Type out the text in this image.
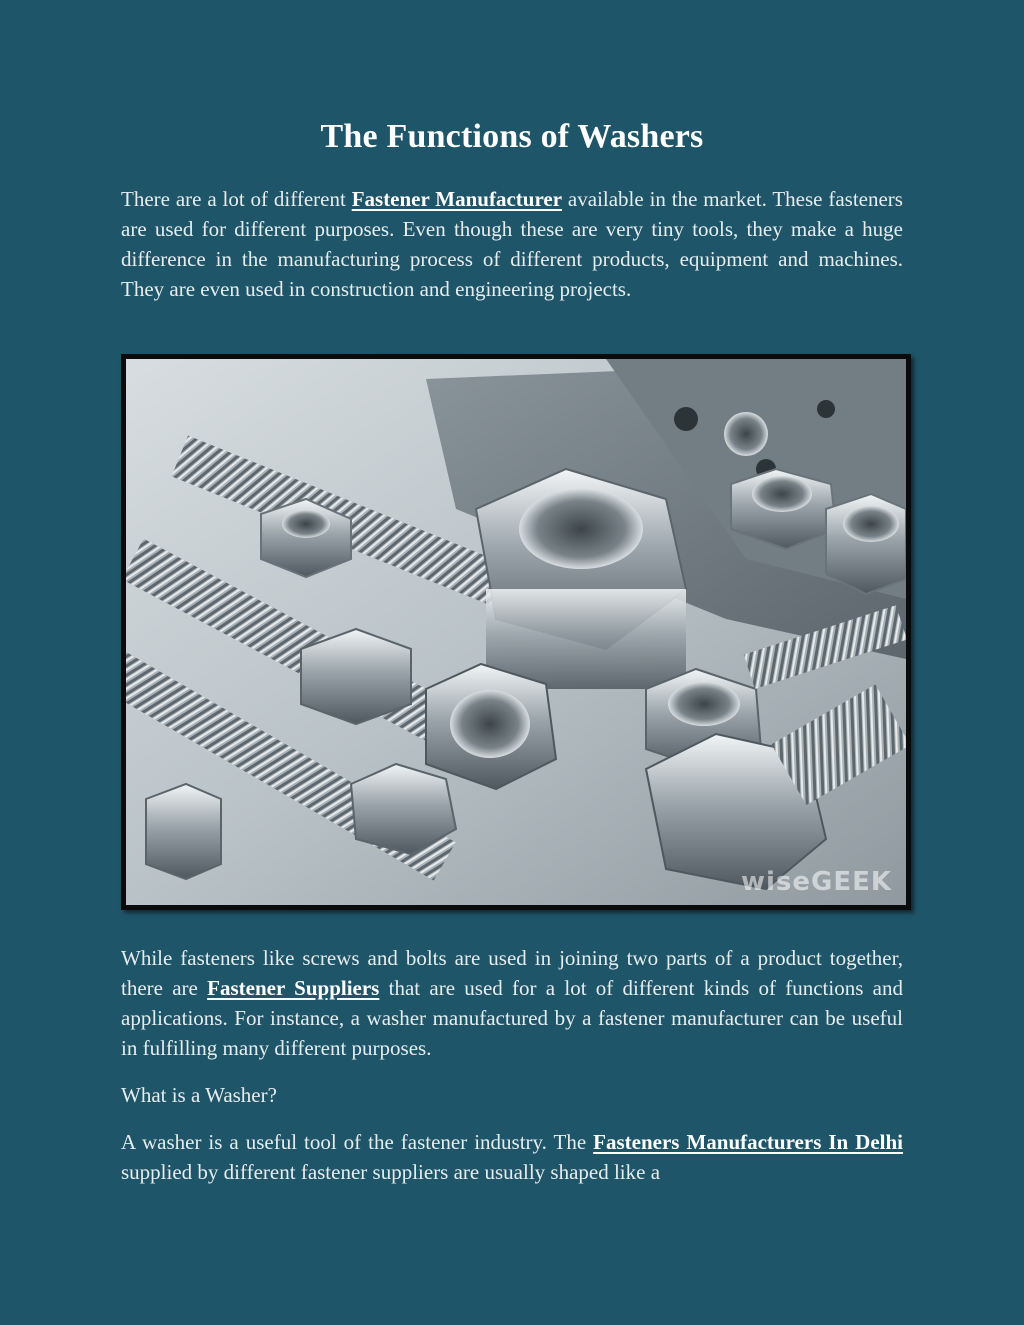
The Functions of Washers

There are a lot of different Fastener Manufacturer available in the market. These fasteners are used for different purposes. Even though these are very tiny tools, they make a huge difference in the manufacturing process of different products, equipment and machines. They are even used in construction and engineering projects.

wiseGEEK

While fasteners like screws and bolts are used in joining two parts of a product together, there are Fastener Suppliers that are used for a lot of different kinds of functions and applications. For instance, a washer manufactured by a fastener manufacturer can be useful in fulfilling many different purposes.

What is a Washer?

A washer is a useful tool of the fastener industry. The Fasteners Manufacturers In Delhi supplied by different fastener suppliers are usually shaped like a
